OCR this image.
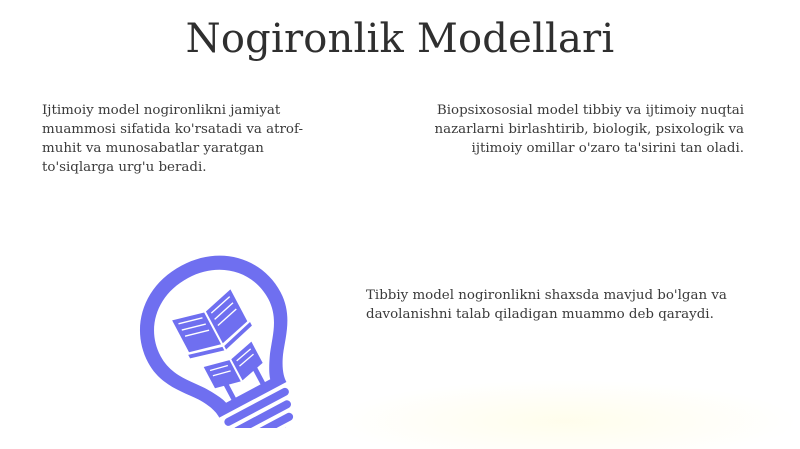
Nogironlik Modellari

Ijtimoiy model nogironlikni jamiyat muammosi sifatida ko'rsatadi va atrof-muhit va munosabatlar yaratgan to'siqlarga urg'u beradi.

Biopsixososial model tibbiy va ijtimoiy nuqtai nazarlarni birlashtirib, biologik, psixologik va ijtimoiy omillar o'zaro ta'sirini tan oladi.

Tibbiy model nogironlikni shaxsda mavjud bo'lgan va davolanishni talab qiladigan muammo deb qaraydi.
